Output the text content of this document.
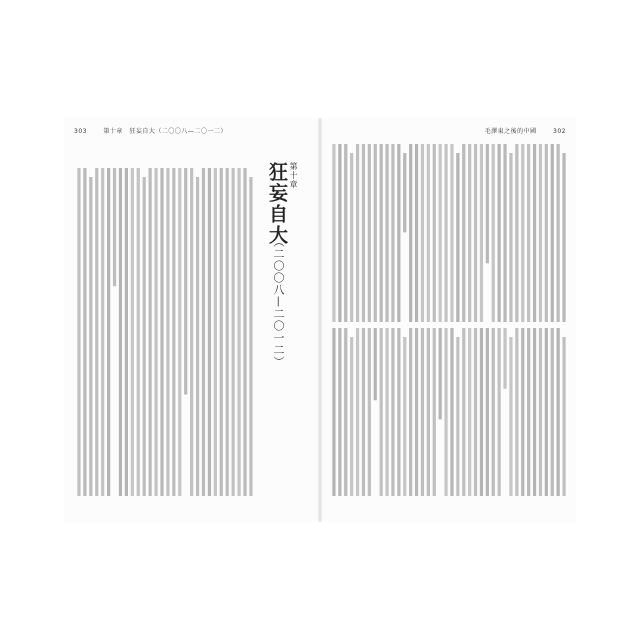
303	第十章　狂妄自大（二〇〇八—二〇一二）
第十章
狂妄自大
（二〇〇八—二〇一二）
毛澤東之後的中國	302
